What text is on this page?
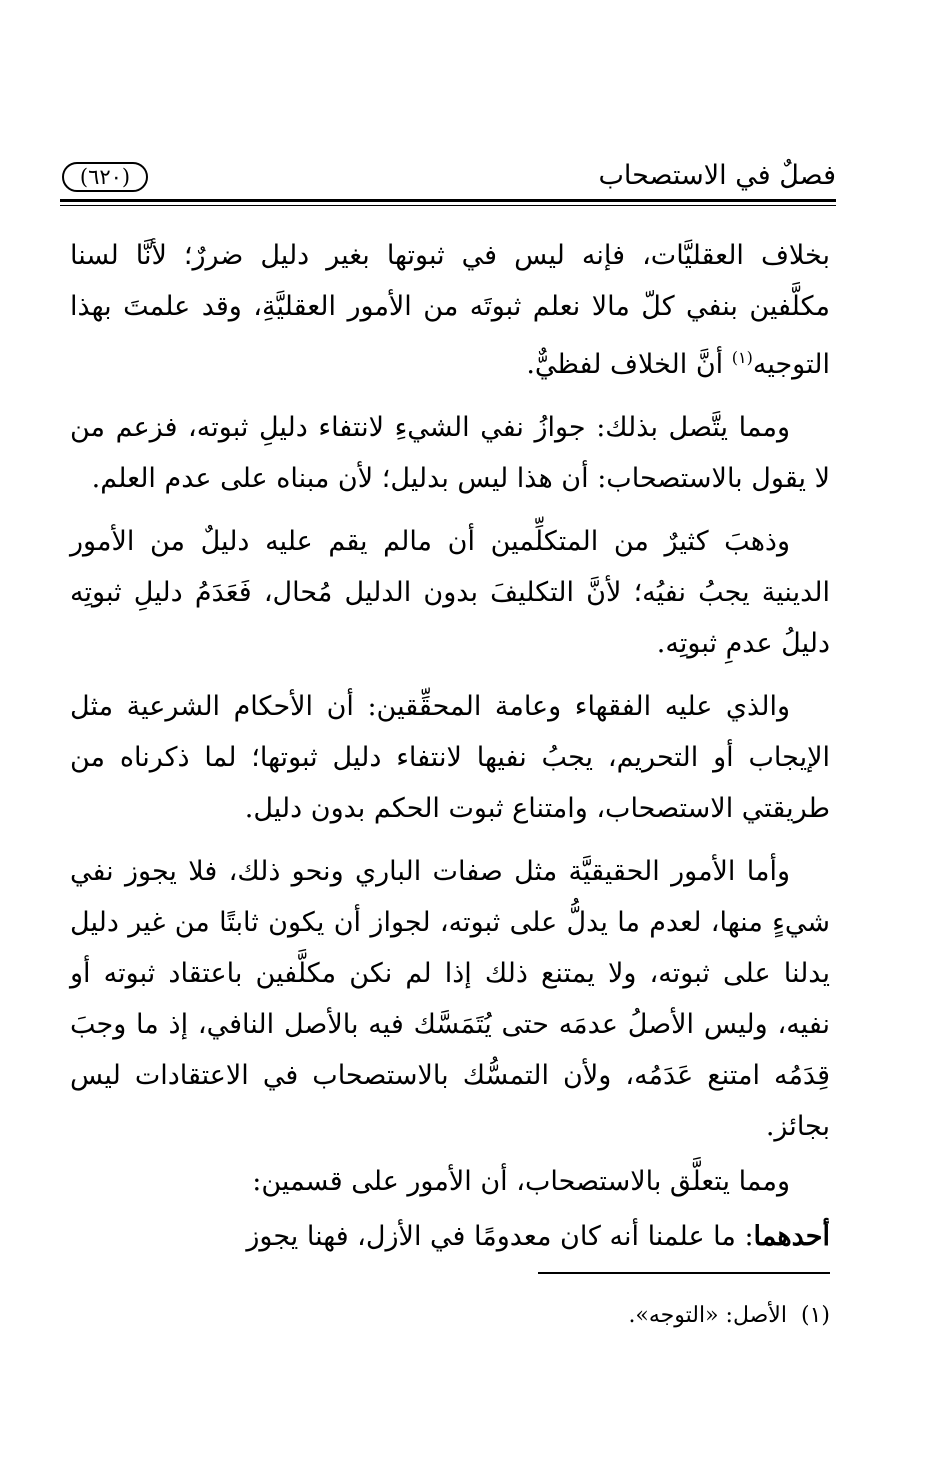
فصلٌ في الاستصحاب
(٦٢٠)

بخلاف العقليَّات، فإنه ليس في ثبوتها بغير دليل ضررٌ؛ لأنَّا لسنا مكلَّفين بنفي كلّ مالا نعلم ثبوتَه من الأمور العقليَّةِ، وقد علمتَ بهذا التوجيه$^{(١)}$ أنَّ الخلاف لفظيٌّ.

ومما يتَّصل بذلك: جوازُ نفي الشيءِ لانتفاء دليلِ ثبوته، فزعم من لا يقول بالاستصحاب: أن هذا ليس بدليل؛ لأن مبناه على عدم العلم.

وذهبَ كثيرٌ من المتكلِّمين أن مالم يقم عليه دليلٌ من الأمور الدينية يجبُ نفيُه؛ لأنَّ التكليفَ بدون الدليل مُحال، فَعَدَمُ دليلِ ثبوتِه دليلُ عدمِ ثبوتِه.

والذي عليه الفقهاء وعامة المحقِّقين: أن الأحكام الشرعية مثل الإيجاب أو التحريم، يجبُ نفيها لانتفاء دليل ثبوتها؛ لما ذكرناه من طريقتي الاستصحاب، وامتناع ثبوت الحكم بدون دليل.

وأما الأمور الحقيقيَّة مثل صفات الباري ونحو ذلك، فلا يجوز نفي شيءٍ منها، لعدم ما يدلُّ على ثبوته، لجواز أن يكون ثابتًا من غير دليل يدلنا على ثبوته، ولا يمتنع ذلك إذا لم نكن مكلَّفين باعتقاد ثبوته أو نفيه، وليس الأصلُ عدمَه حتى يُتَمَسَّك فيه بالأصل النافي، إذ ما وجبَ قِدَمُه امتنع عَدَمُه، ولأن التمسُّك بالاستصحاب في الاعتقادات ليس بجائز.

ومما يتعلَّق بالاستصحاب، أن الأمور على قسمين:

أحدهما: ما علمنا أنه كان معدومًا في الأزل، فهنا يجوز

(١)الأصل: «التوجه».
